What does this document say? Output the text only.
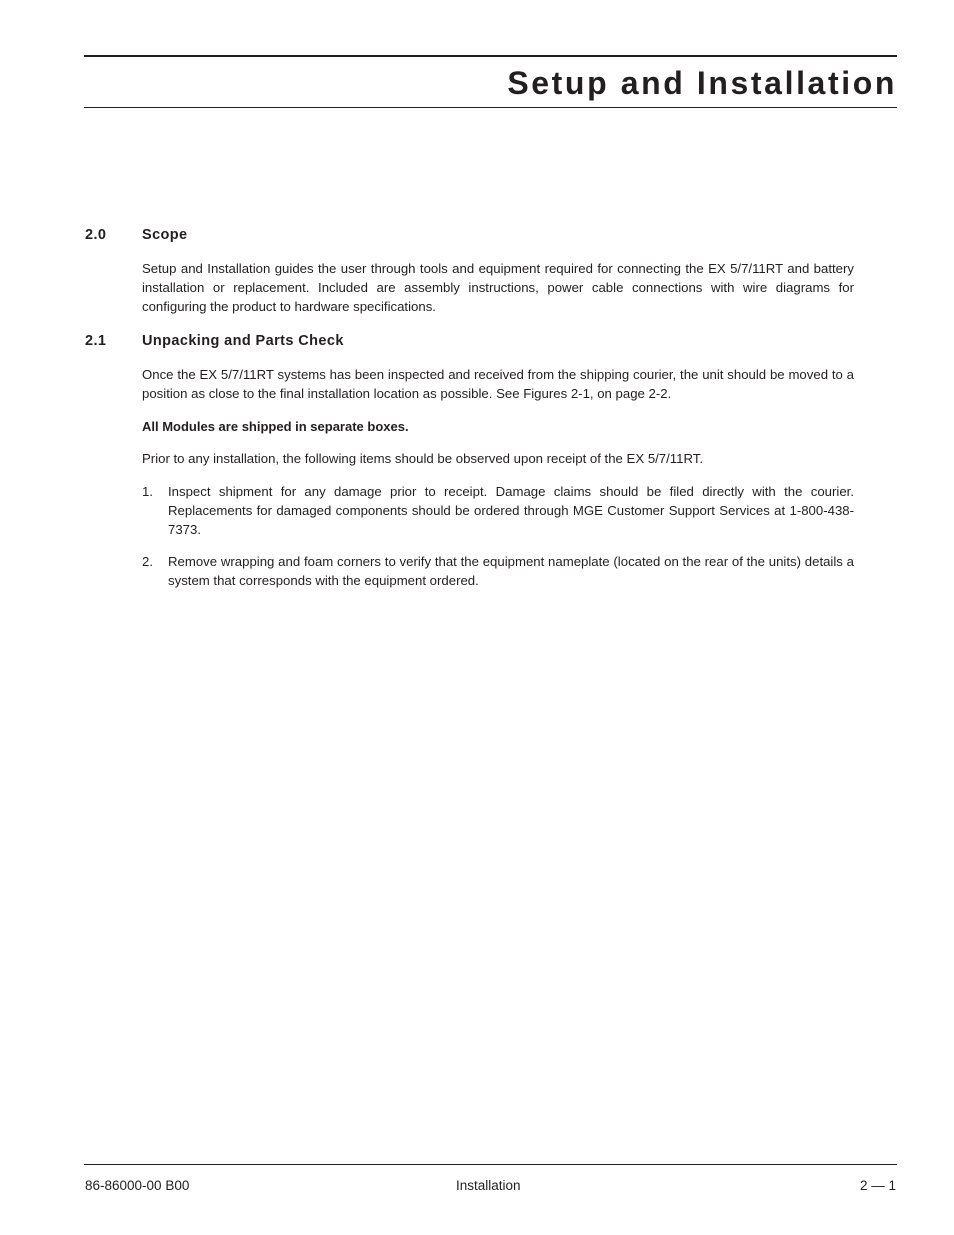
Setup and Installation
2.0 Scope

Setup and Installation guides the user through tools and equipment required for connecting the EX 5/7/11RT and battery installation or replacement. Included are assembly instructions, power cable connections with wire diagrams for configuring the product to hardware specifications.

2.1 Unpacking and Parts Check

Once the EX 5/7/11RT systems has been inspected and received from the shipping courier, the unit should be moved to a position as close to the final installation location as possible. See Figures 2-1, on page 2-2.

All Modules are shipped in separate boxes.

Prior to any installation, the following items should be observed upon receipt of the EX 5/7/11RT.

1. Inspect shipment for any damage prior to receipt. Damage claims should be filed directly with the courier. Replacements for damaged components should be ordered through MGE Customer Support Services at 1-800-438-7373.
2. Remove wrapping and foam corners to verify that the equipment nameplate (located on the rear of the units) details a system that corresponds with the equipment ordered.
86-86000-00 B00	Installation	2 — 1
